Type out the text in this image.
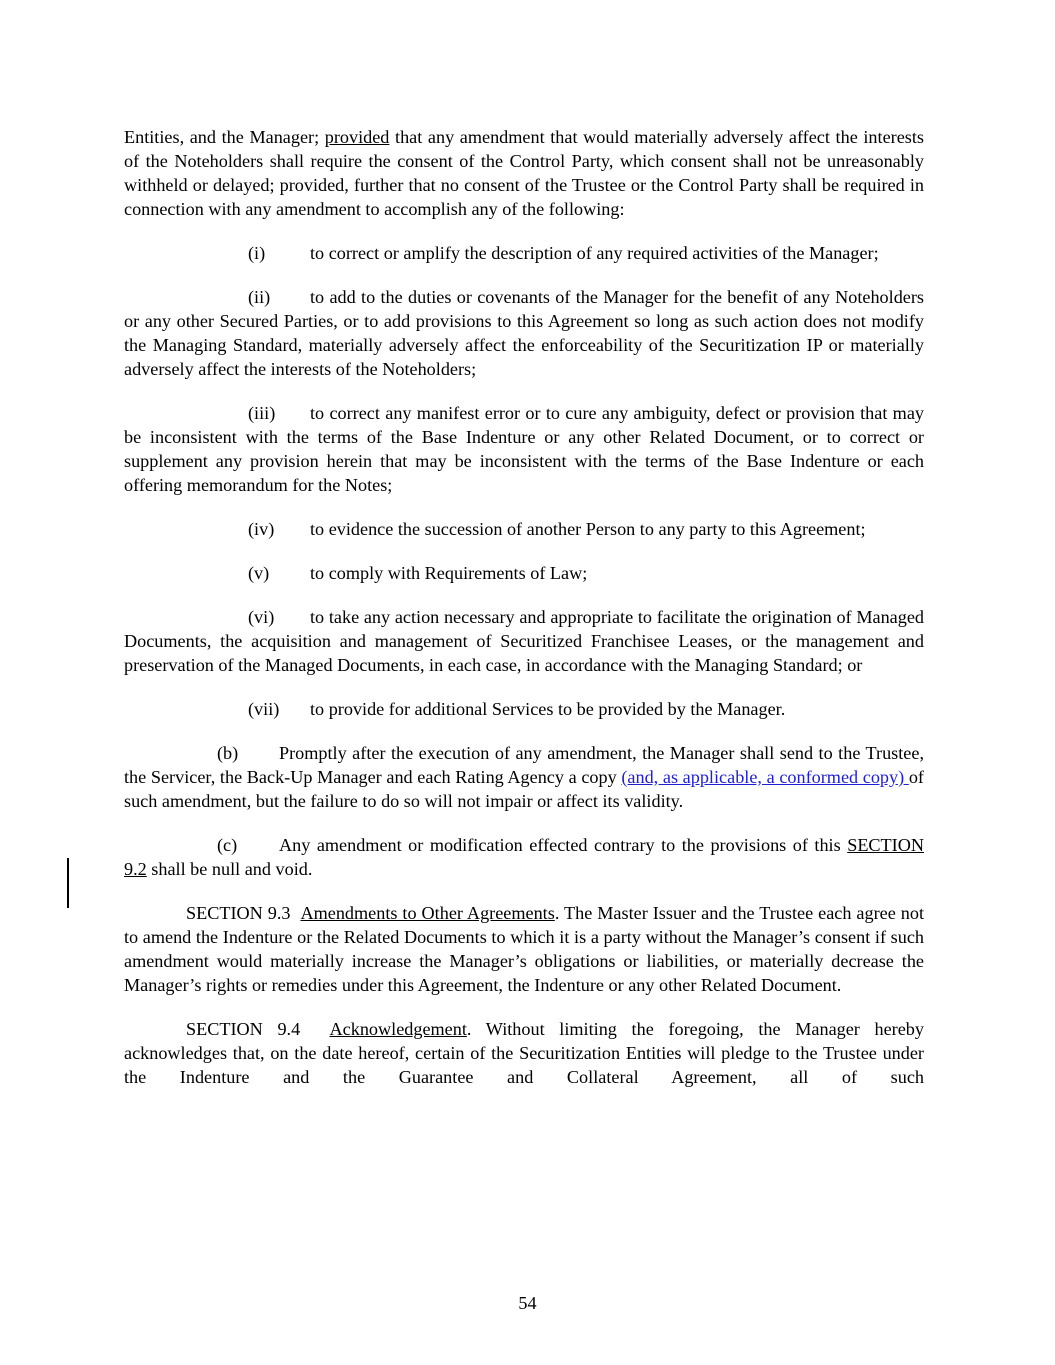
Entities, and the Manager; provided that any amendment that would materially adversely affect the interests of the Noteholders shall require the consent of the Control Party, which consent shall not be unreasonably withheld or delayed; provided, further that no consent of the Trustee or the Control Party shall be required in connection with any amendment to accomplish any of the following:

(i) to correct or amplify the description of any required activities of the Manager;

(ii) to add to the duties or covenants of the Manager for the benefit of any Noteholders or any other Secured Parties, or to add provisions to this Agreement so long as such action does not modify the Managing Standard, materially adversely affect the enforceability of the Securitization IP or materially adversely affect the interests of the Noteholders;

(iii) to correct any manifest error or to cure any ambiguity, defect or provision that may be inconsistent with the terms of the Base Indenture or any other Related Document, or to correct or supplement any provision herein that may be inconsistent with the terms of the Base Indenture or each offering memorandum for the Notes;

(iv) to evidence the succession of another Person to any party to this Agreement;

(v) to comply with Requirements of Law;

(vi) to take any action necessary and appropriate to facilitate the origination of Managed Documents, the acquisition and management of Securitized Franchisee Leases, or the management and preservation of the Managed Documents, in each case, in accordance with the Managing Standard; or

(vii) to provide for additional Services to be provided by the Manager.

(b) Promptly after the execution of any amendment, the Manager shall send to the Trustee, the Servicer, the Back-Up Manager and each Rating Agency a copy (and, as applicable, a conformed copy) of such amendment, but the failure to do so will not impair or affect its validity.

(c) Any amendment or modification effected contrary to the provisions of this SECTION 9.2 shall be null and void.

SECTION 9.3 Amendments to Other Agreements. The Master Issuer and the Trustee each agree not to amend the Indenture or the Related Documents to which it is a party without the Manager’s consent if such amendment would materially increase the Manager’s obligations or liabilities, or materially decrease the Manager’s rights or remedies under this Agreement, the Indenture or any other Related Document.

SECTION 9.4 Acknowledgement. Without limiting the foregoing, the Manager hereby acknowledges that, on the date hereof, certain of the Securitization Entities will pledge to the Trustee under the Indenture and the Guarantee and Collateral Agreement, all of such

54
